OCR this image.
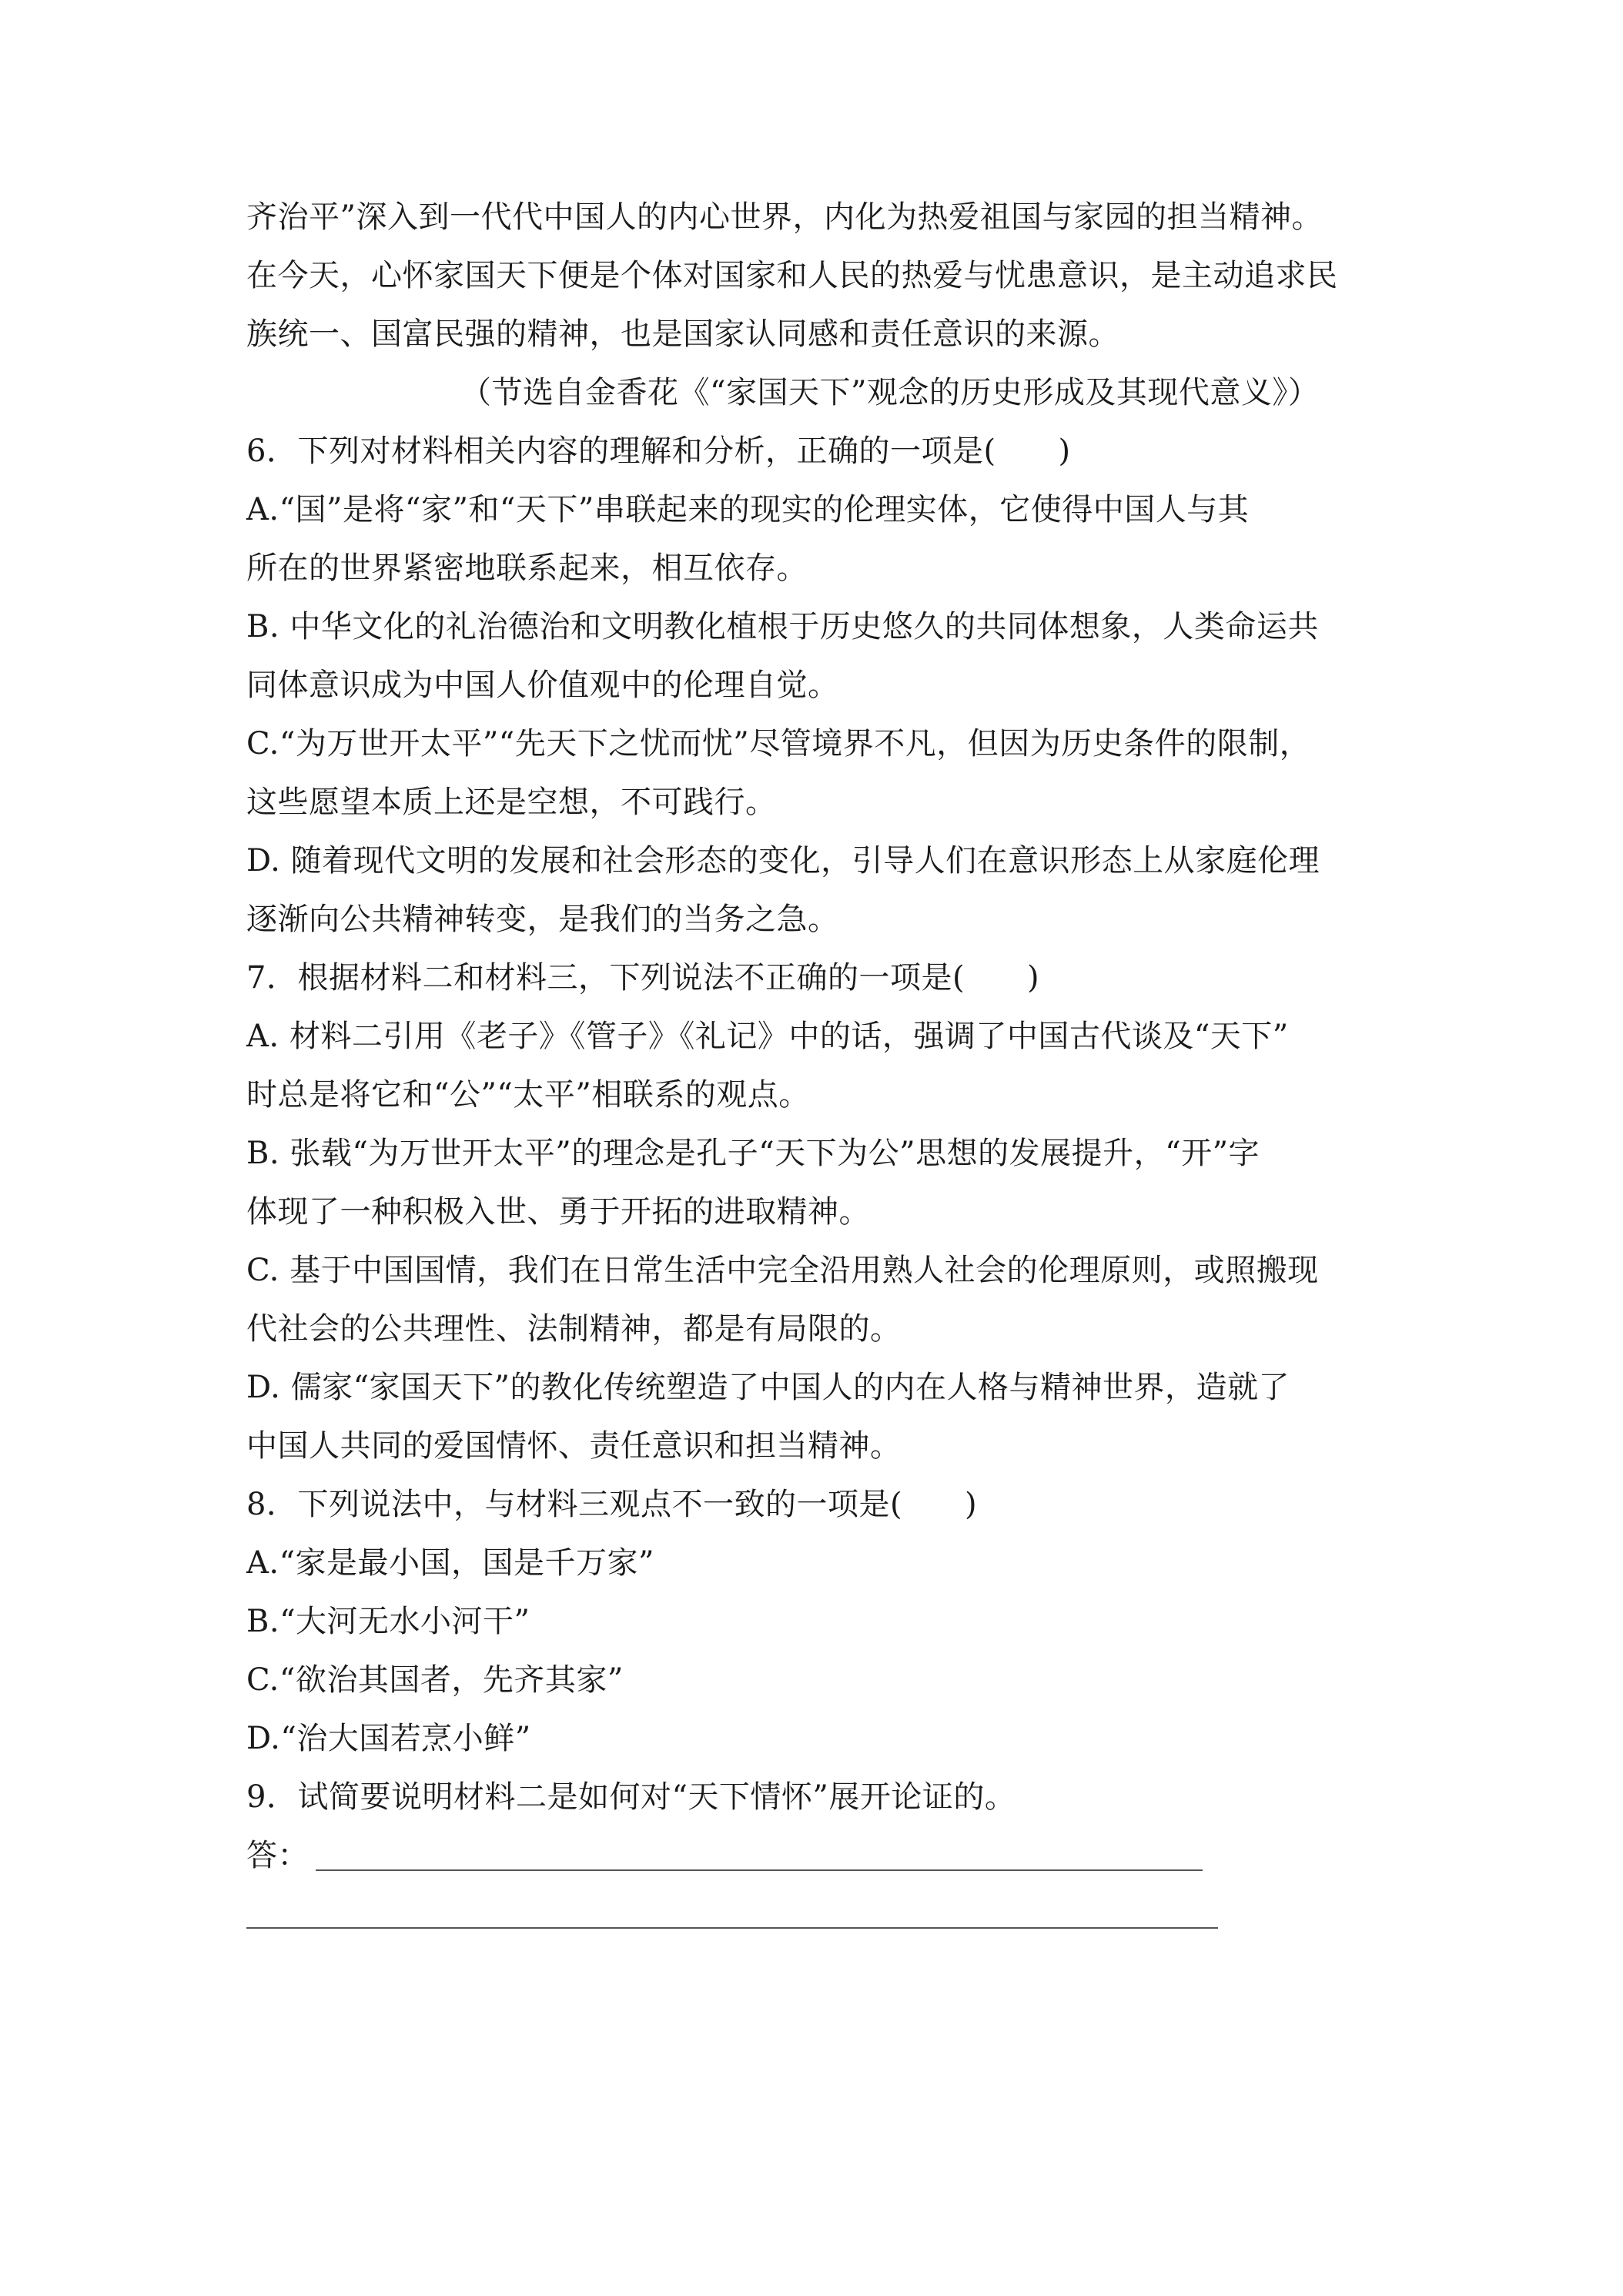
齐治平”深入到一代代中国人的内心世界，内化为热爱祖国与家园的担当精神。
在今天，心怀家国天下便是个体对国家和人民的热爱与忧患意识，是主动追求民
族统一、国富民强的精神，也是国家认同感和责任意识的来源。
（节选自金香花《“家国天下”观念的历史形成及其现代意义》）
6．下列对材料相关内容的理解和分析，正确的一项是(　　)
A.“国”是将“家”和“天下”串联起来的现实的伦理实体，它使得中国人与其
所在的世界紧密地联系起来，相互依存。
B. 中华文化的礼治德治和文明教化植根于历史悠久的共同体想象，人类命运共
同体意识成为中国人价值观中的伦理自觉。
C.“为万世开太平”“先天下之忧而忧”尽管境界不凡，但因为历史条件的限制，
这些愿望本质上还是空想，不可践行。
D. 随着现代文明的发展和社会形态的变化，引导人们在意识形态上从家庭伦理
逐渐向公共精神转变，是我们的当务之急。
7．根据材料二和材料三，下列说法不正确的一项是(　　)
A. 材料二引用《老子》《管子》《礼记》中的话，强调了中国古代谈及“天下”
时总是将它和“公”“太平”相联系的观点。
B. 张载“为万世开太平”的理念是孔子“天下为公”思想的发展提升，“开”字
体现了一种积极入世、勇于开拓的进取精神。
C. 基于中国国情，我们在日常生活中完全沿用熟人社会的伦理原则，或照搬现
代社会的公共理性、法制精神，都是有局限的。
D. 儒家“家国天下”的教化传统塑造了中国人的内在人格与精神世界，造就了
中国人共同的爱国情怀、责任意识和担当精神。
8．下列说法中，与材料三观点不一致的一项是(　　)
A.“家是最小国，国是千万家”
B.“大河无水小河干”
C.“欲治其国者，先齐其家”
D.“治大国若烹小鲜”
9．试简要说明材料二是如何对“天下情怀”展开论证的。
答：
